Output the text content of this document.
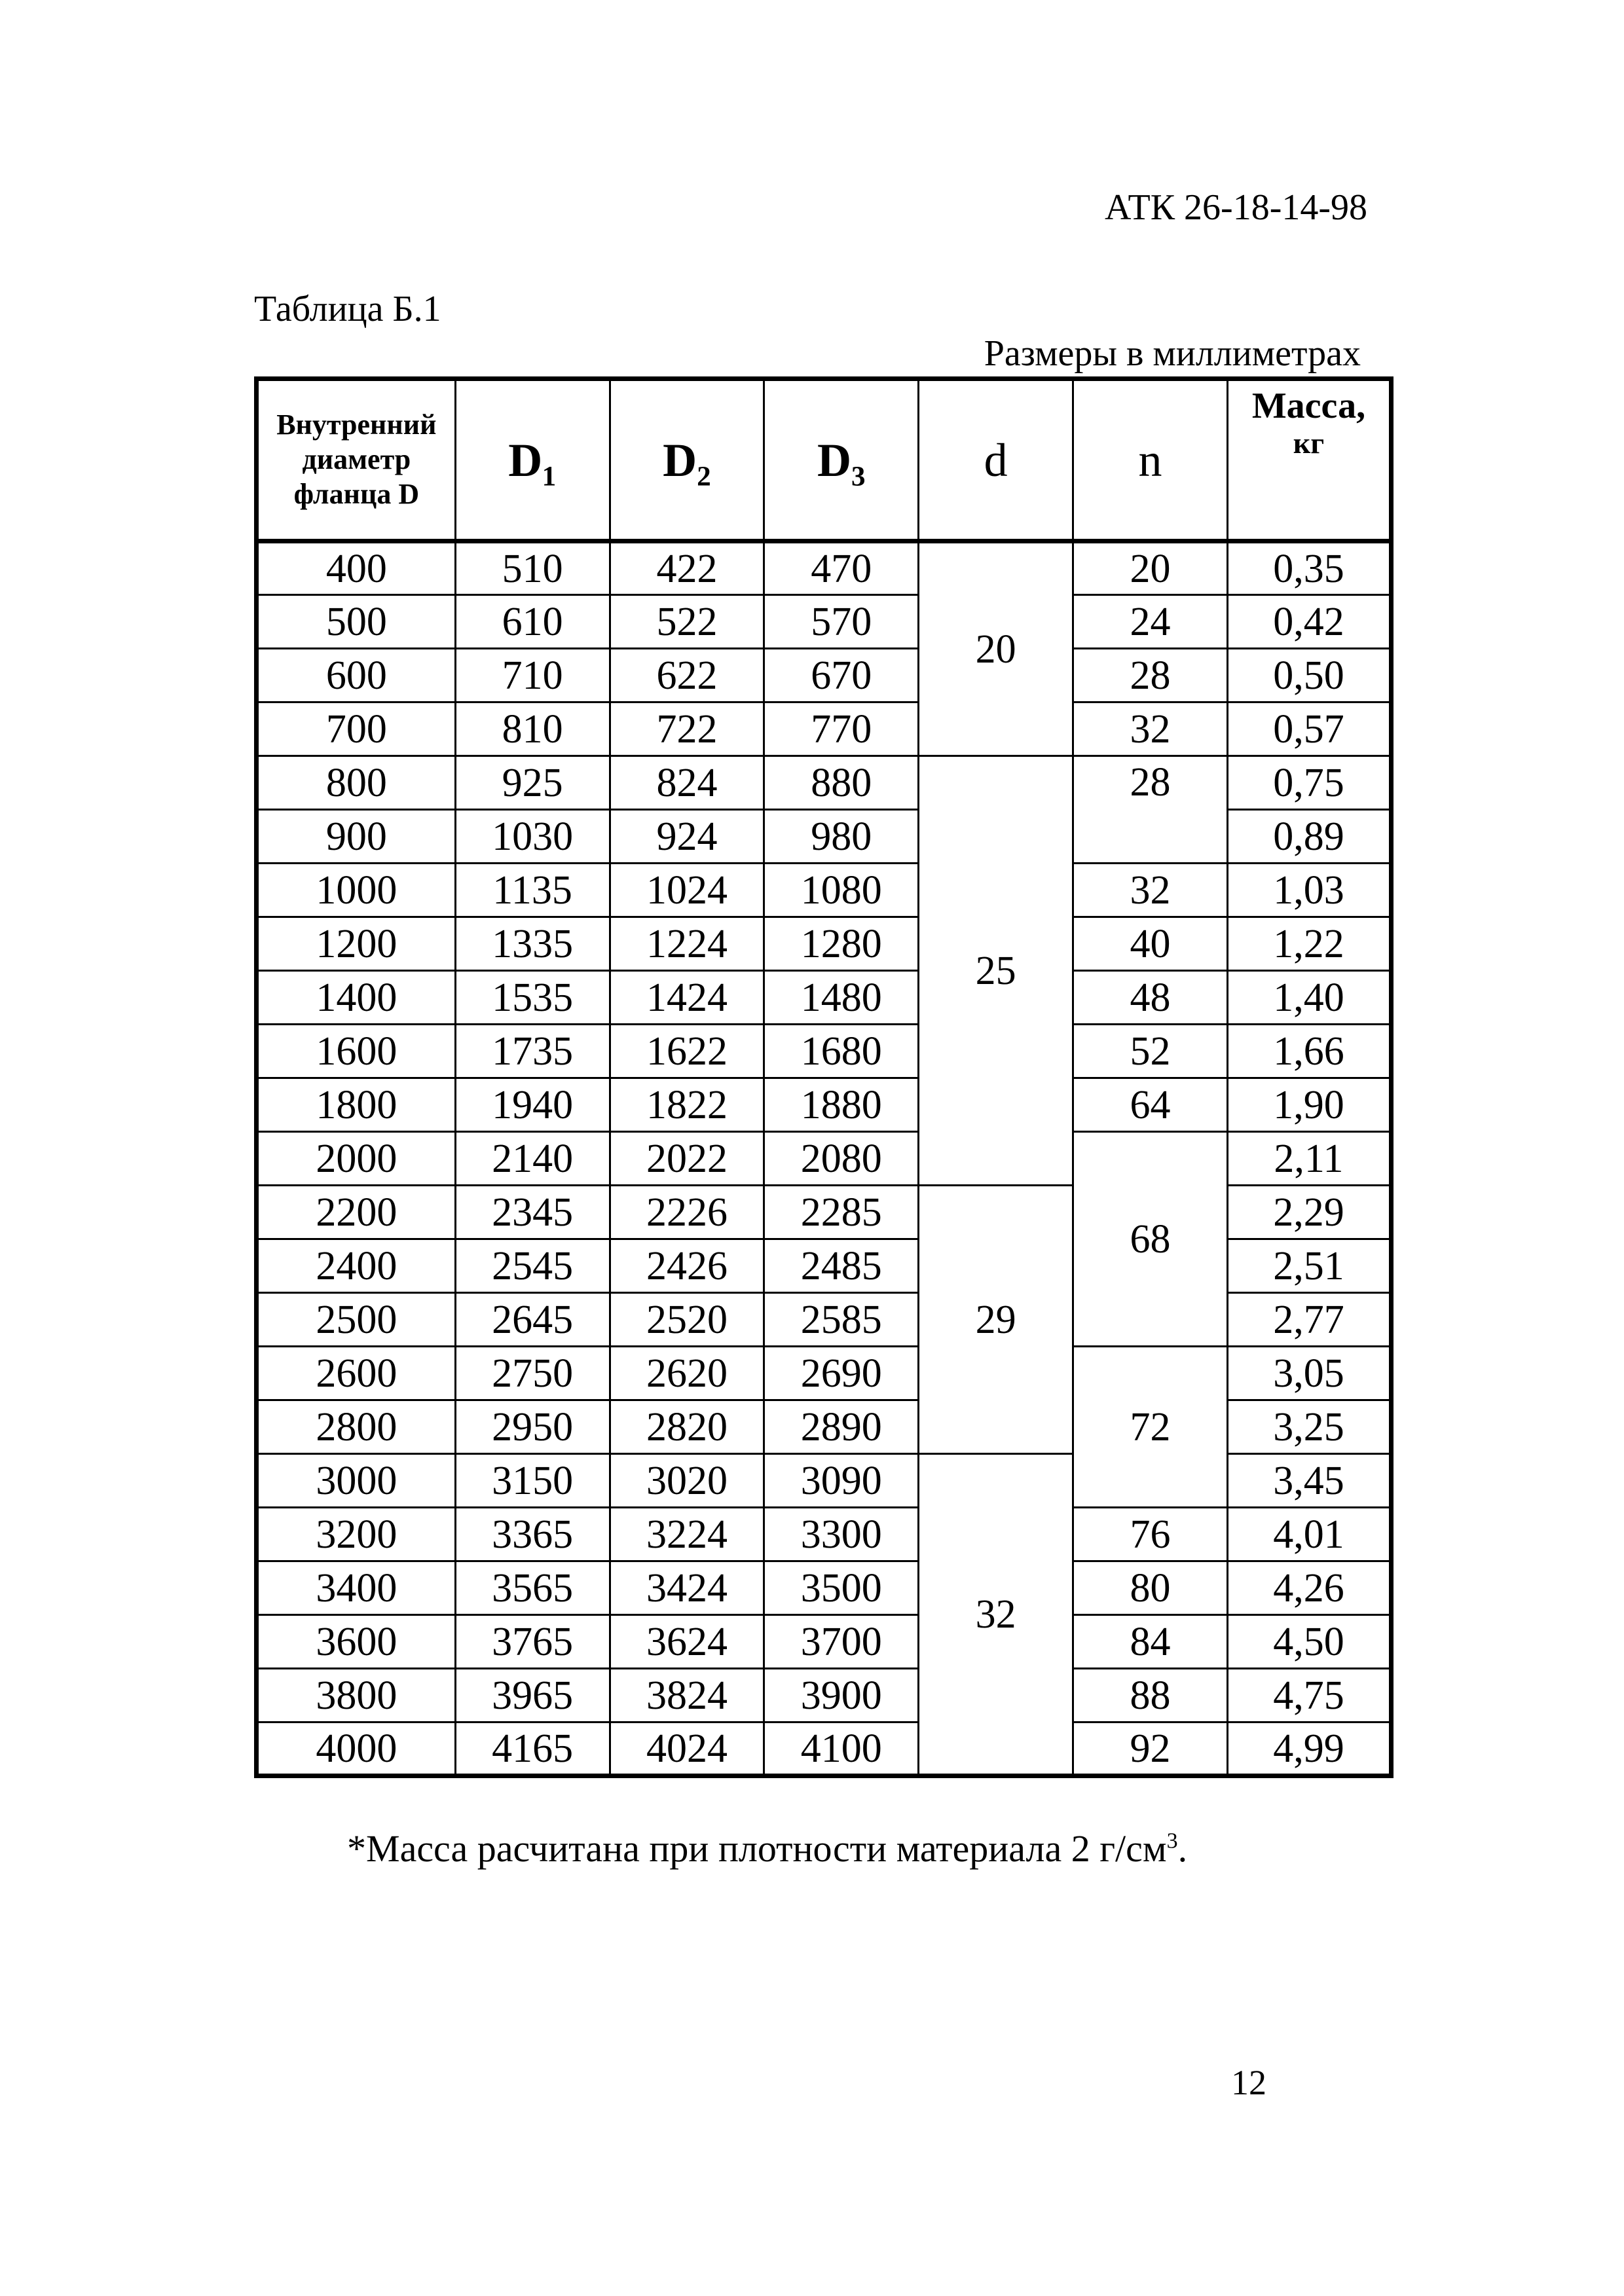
АТК 26-18-14-98
Таблица Б.1
Размеры в миллиметрах
Внутренний диаметр фланца D	D₁	D₂	D₃	d	n	Масса,
кг

400	510	422	470	20	20	0,35
500	610	522	570		24	0,42
600	710	622	670		28	0,50
700	810	722	770		32	0,57
800	925	824	880	25	28	0,75
900	1030	924	980			0,89
1000	1135	1024	1080		32	1,03
1200	1335	1224	1280		40	1,22
1400	1535	1424	1480		48	1,40
1600	1735	1622	1680		52	1,66
1800	1940	1822	1880		64	1,90
2000	2140	2022	2080		68	2,11
2200	2345	2226	2285	29		2,29
2400	2545	2426	2485			2,51
2500	2645	2520	2585			2,77
2600	2750	2620	2690		72	3,05
2800	2950	2820	2890			3,25
3000	3150	3020	3090	32		3,45
3200	3365	3224	3300		76	4,01
3400	3565	3424	3500		80	4,26
3600	3765	3624	3700		84	4,50
3800	3965	3824	3900		88	4,75
4000	4165	4024	4100		92	4,99
*Масса расчитана при плотности материала 2 $г/см^3$.
12
